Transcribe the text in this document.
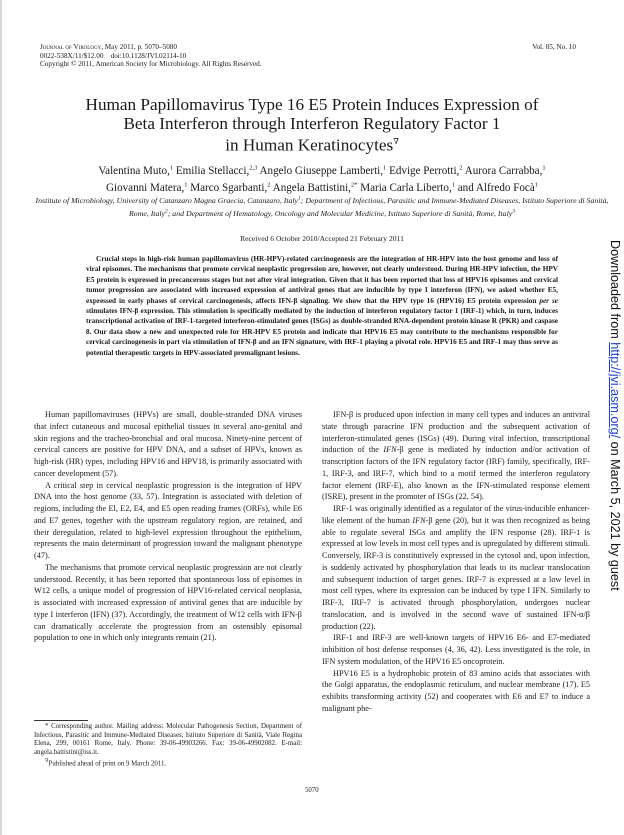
Journal of Virology, May 2011, p. 5070–5080
0022-538X/11/$12.00    doi:10.1128/JVI.02114-10
Copyright © 2011, American Society for Microbiology. All Rights Reserved.
Vol. 85, No. 10
Human Papillomavirus Type 16 E5 Protein Induces Expression of
Beta Interferon through Interferon Regulatory Factor 1
in Human Keratinocytes∇
Valentina Muto,$^1$ Emilia Stellacci,$^{2,3}$ Angelo Giuseppe Lamberti,$^1$ Edvige Perrotti,$^2$ Aurora Carrabba,$^1$
Giovanni Matera,$^1$ Marco Sgarbanti,$^2$ Angela Battistini,$^{2*}$ Maria Carla Liberto,$^1$ and Alfredo Focà$^1$
Institute of Microbiology, University of Catanzaro Magna Graecia, Catanzaro, Italy$^1$; Department of Infectious, Parasitic and Immune-Mediated Diseases, Istituto Superiore di Sanità, Rome, Italy$^2$; and Department of Hematology, Oncology and Molecular Medicine, Istituto Superiore di Sanità, Rome, Italy$^3$
Received 6 October 2010/Accepted 21 February 2011
Crucial steps in high-risk human papillomavirus (HR-HPV)-related carcinogenesis are the integration of HR-HPV into the host genome and loss of viral episomes. The mechanisms that promote cervical neoplastic progression are, however, not clearly understood. During HR-HPV infection, the HPV E5 protein is expressed in precancerous stages but not after viral integration. Given that it has been reported that loss of HPV16 episomes and cervical tumor progression are associated with increased expression of antiviral genes that are inducible by type I interferon (IFN), we asked whether E5, expressed in early phases of cervical carcinogenesis, affects IFN-β signaling. We show that the HPV type 16 (HPV16) E5 protein expression per se stimulates IFN-β expression. This stimulation is specifically mediated by the induction of interferon regulatory factor 1 (IRF-1) which, in turn, induces transcriptional activation of IRF-1-targeted interferon-stimulated genes (ISGs) as double-stranded RNA-dependent protein kinase R (PKR) and caspase 8. Our data show a new and unexpected role for HR-HPV E5 protein and indicate that HPV16 E5 may contribute to the mechanisms responsible for cervical carcinogenesis in part via stimulation of IFN-β and an IFN signature, with IRF-1 playing a pivotal role. HPV16 E5 and IRF-1 may thus serve as potential therapeutic targets in HPV-associated premalignant lesions.

Human papillomaviruses (HPVs) are small, double-stranded DNA viruses that infect cutaneous and mucosal epithelial tissues in several ano-genital and skin regions and the tracheo-bronchial and oral mucosa. Ninety-nine percent of cervical cancers are positive for HPV DNA, and a subset of HPVs, known as high-risk (HR) types, including HPV16 and HPV18, is primarily associated with cancer development (57).

A critical step in cervical neoplastic progression is the integration of HPV DNA into the host genome (33, 57). Integration is associated with deletion of regions, including the El, E2, E4, and E5 open reading frames (ORFs), while E6 and E7 genes, together with the upstream regulatory region, are retained, and their deregulation, related to high-level expression throughout the epithelium, represents the main determinant of progression toward the malignant phenotype (47).

The mechanisms that promote cervical neoplastic progression are not clearly understood. Recently, it has been reported that spontaneous loss of episomes in W12 cells, a unique model of progression of HPV16-related cervical neoplasia, is associated with increased expression of antiviral genes that are inducible by type I interferon (IFN) (37). Accordingly, the treatment of W12 cells with IFN-β can dramatically accelerate the progression from an ostensibly episomal population to one in which only integrants remain (21).

IFN-β is produced upon infection in many cell types and induces an antiviral state through paracrine IFN production and the subsequent activation of interferon-stimulated genes (ISGs) (49). During viral infection, transcriptional induction of the IFN-β gene is mediated by induction and/or activation of transcription factors of the IFN regulatory factor (IRF) family, specifically, IRF-1, IRF-3, and IRF-7, which bind to a motif termed the interferon regulatory factor element (IRF-E), also known as the IFN-stimulated response element (ISRE), present in the promoter of ISGs (22, 54).

IRF-1 was originally identified as a regulator of the virus-inducible enhancer-like element of the human IFN-β gene (20), but it was then recognized as being able to regulate several ISGs and amplify the IFN response (28). IRF-1 is expressed at low levels in most cell types and is upregulated by different stimuli. Conversely, IRF-3 is constitutively expressed in the cytosol and, upon infection, is suddenly activated by phosphorylation that leads to its nuclear translocation and subsequent induction of target genes. IRF-7 is expressed at a low level in most cell types, where its expression can be induced by type I IFN. Similarly to IRF-3, IRF-7 is activated through phosphorylation, undergoes nuclear translocation, and is involved in the second wave of sustained IFN-α/β production (22).

IRF-1 and IRF-3 are well-known targets of HPV16 E6- and E7-mediated inhibition of host defense responses (4, 36, 42). Less investigated is the role, in IFN system modulation, of the HPV16 E5 oncoprotein.

HPV16 E5 is a hydrophobic protein of 83 amino acids that associates with the Golgi apparatus, the endoplasmic reticulum, and nuclear membrane (17). E5 exhibits transforming activity (52) and cooperates with E6 and E7 to induce a malignant phe-

* Corresponding author. Mailing address: Molecular Pathogenesis Section, Department of Infectious, Parasitic and Immune-Mediated Diseases, Istituto Superiore di Sanità, Viale Regina Elena, 299, 00161 Rome, Italy. Phone: 39-06-49903266. Fax: 39-06-49902082. E-mail: angela.battistini@iss.it.

∇Published ahead of print on 9 March 2011.

5070
Downloaded from http://jvi.asm.org/ on March 5, 2021 by guest
